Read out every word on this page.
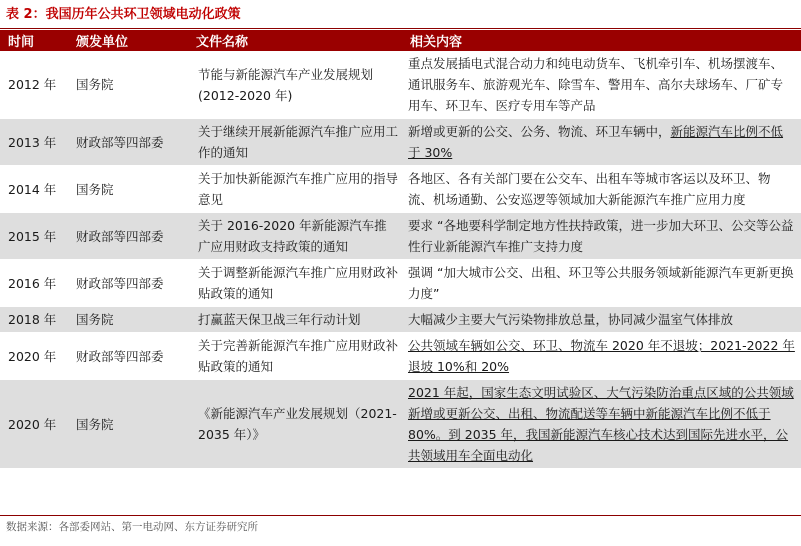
表 2：我国历年公共环卫领域电动化政策
时间	颁发单位	文件名称	相关内容
2012 年	国务院	节能与新能源汽车产业发展规划(2012-2020 年)	重点发展插电式混合动力和纯电动货车、飞机牵引车、机场摆渡车、通讯服务车、旅游观光车、除雪车、警用车、高尔夫球场车、厂矿专用车、环卫车、医疗专用车等产品
2013 年	财政部等四部委	关于继续开展新能源汽车推广应用工作的通知	新增或更新的公交、公务、物流、环卫车辆中，新能源汽车比例不低于 30%
2014 年	国务院	关于加快新能源汽车推广应用的指导意见	各地区、各有关部门要在公交车、出租车等城市客运以及环卫、物流、机场通勤、公安巡逻等领域加大新能源汽车推广应用力度
2015 年	财政部等四部委	关于 2016-2020 年新能源汽车推广应用财政支持政策的通知	要求 “各地要科学制定地方性扶持政策，进一步加大环卫、公交等公益性行业新能源汽车推广支持力度
2016 年	财政部等四部委	关于调整新能源汽车推广应用财政补贴政策的通知	强调 “加大城市公交、出租、环卫等公共服务领域新能源汽车更新更换力度”
2018 年	国务院	打赢蓝天保卫战三年行动计划	大幅减少主要大气污染物排放总量，协同减少温室气体排放
2020 年	财政部等四部委	关于完善新能源汽车推广应用财政补贴政策的通知	公共领域车辆如公交、环卫、物流车 2020 年不退坡；2021-2022 年退坡 10%和 20%
2020 年	国务院	《新能源汽车产业发展规划（2021-2035 年）》	2021 年起，国家生态文明试验区、大气污染防治重点区域的公共领域新增或更新公交、出租、物流配送等车辆中新能源汽车比例不低于 80%。到 2035 年，我国新能源汽车核心技术达到国际先进水平，公共领域用车全面电动化
数据来源：各部委网站、第一电动网、东方证券研究所
